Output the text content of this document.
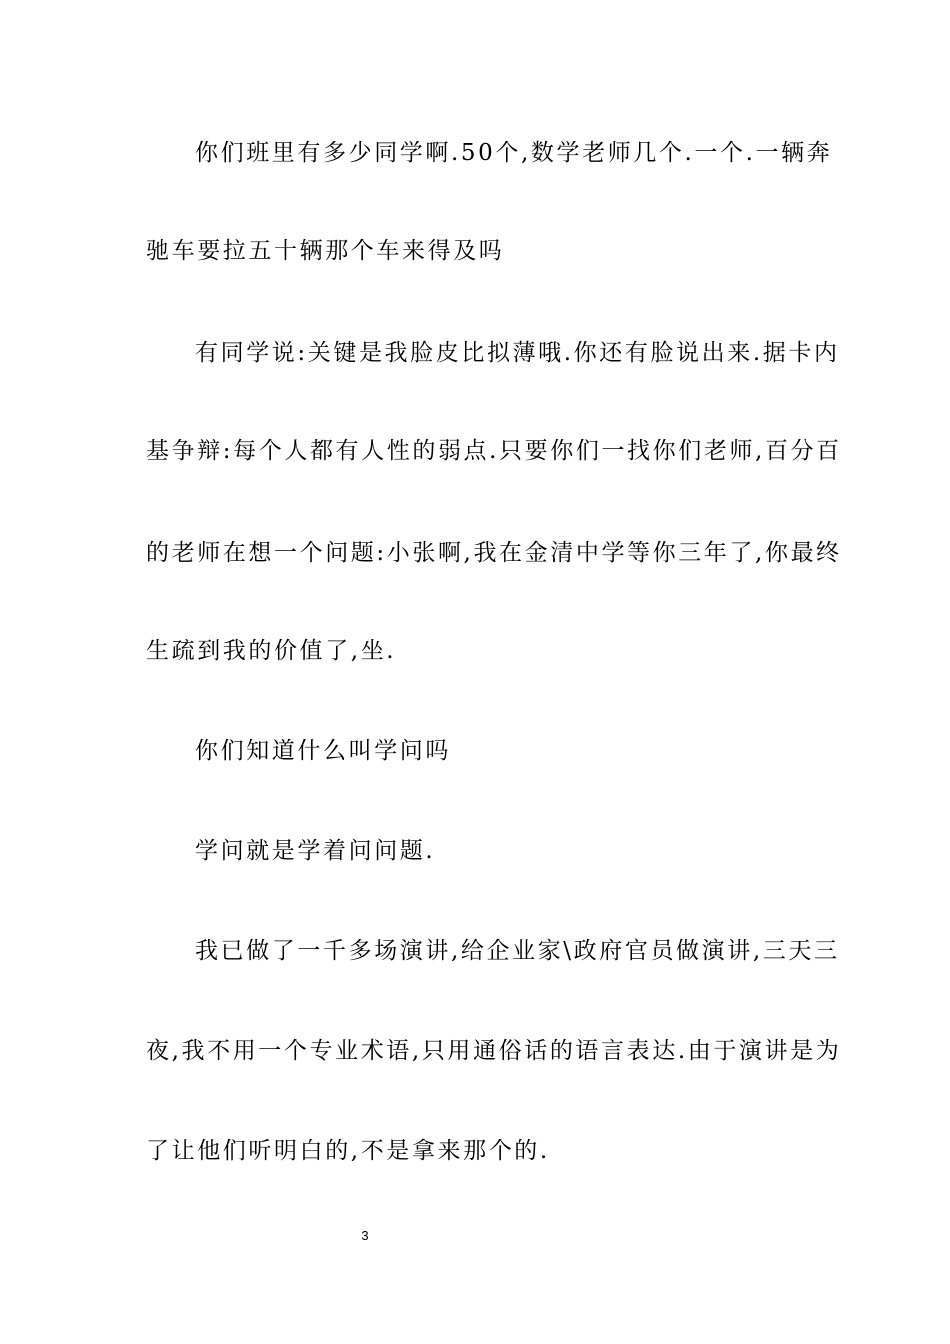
你们班里有多少同学啊.50个,数学老师几个.一个.一辆奔
驰车要拉五十辆那个车来得及吗
有同学说:关键是我脸皮比拟薄哦.你还有脸说出来.据卡内
基争辩:每个人都有人性的弱点.只要你们一找你们老师,百分百
的老师在想一个问题:小张啊,我在金清中学等你三年了,你最终
生疏到我的价值了,坐.
你们知道什么叫学问吗
学问就是学着问问题.
我已做了一千多场演讲,给企业家\政府官员做演讲,三天三
夜,我不用一个专业术语,只用通俗话的语言表达.由于演讲是为
了让他们听明白的,不是拿来那个的.
3
